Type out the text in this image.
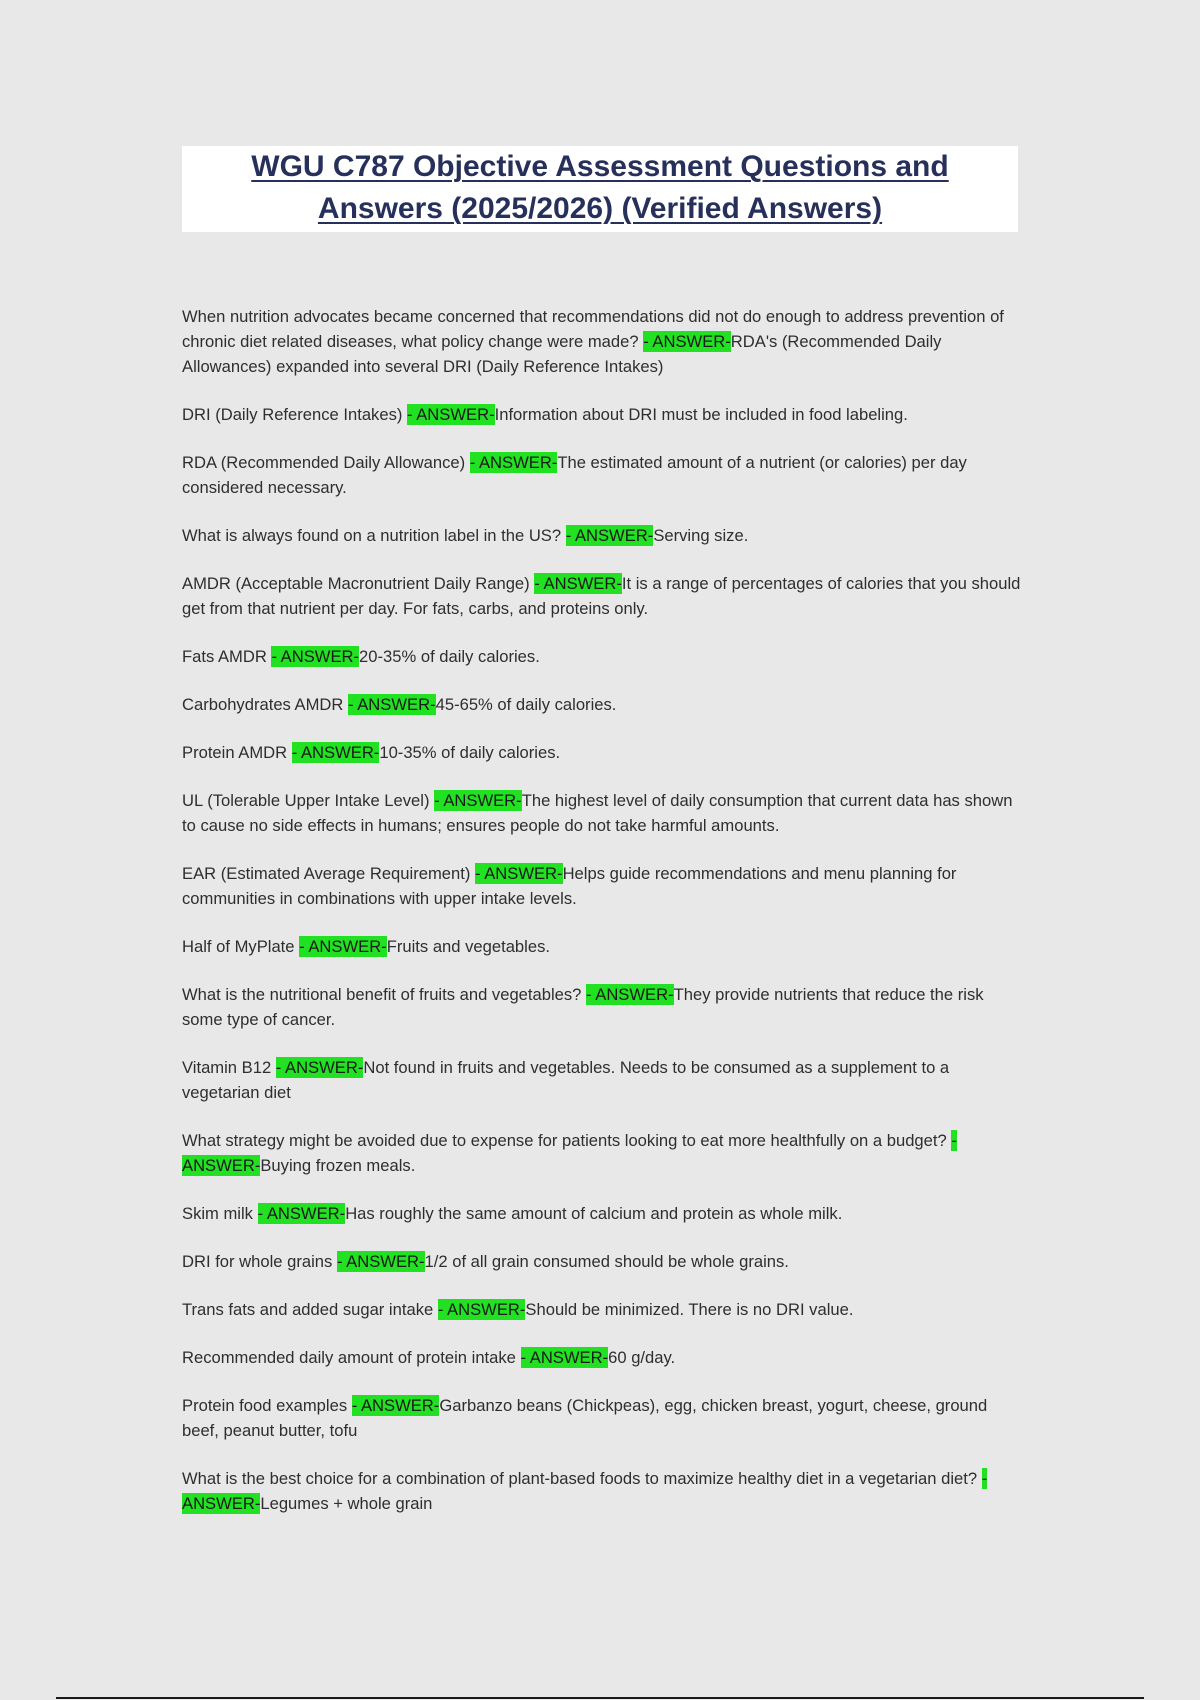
WGU C787 Objective Assessment Questions and
Answers (2025/2026) (Verified Answers)

When nutrition advocates became concerned that recommendations did not do enough to address prevention of chronic diet related diseases, what policy change were made? - ANSWER-RDA's (Recommended Daily Allowances) expanded into several DRI (Daily Reference Intakes)

DRI (Daily Reference Intakes) - ANSWER-Information about DRI must be included in food labeling.

RDA (Recommended Daily Allowance) - ANSWER-The estimated amount of a nutrient (or calories) per day considered necessary.

What is always found on a nutrition label in the US? - ANSWER-Serving size.

AMDR (Acceptable Macronutrient Daily Range) - ANSWER-It is a range of percentages of calories that you should get from that nutrient per day. For fats, carbs, and proteins only.

Fats AMDR - ANSWER-20-35% of daily calories.

Carbohydrates AMDR - ANSWER-45-65% of daily calories.

Protein AMDR - ANSWER-10-35% of daily calories.

UL (Tolerable Upper Intake Level) - ANSWER-The highest level of daily consumption that current data has shown to cause no side effects in humans; ensures people do not take harmful amounts.

EAR (Estimated Average Requirement) - ANSWER-Helps guide recommendations and menu planning for communities in combinations with upper intake levels.

Half of MyPlate - ANSWER-Fruits and vegetables.

What is the nutritional benefit of fruits and vegetables? - ANSWER-They provide nutrients that reduce the risk some type of cancer.

Vitamin B12 - ANSWER-Not found in fruits and vegetables. Needs to be consumed as a supplement to a vegetarian diet

What strategy might be avoided due to expense for patients looking to eat more healthfully on a budget? - ANSWER-Buying frozen meals.

Skim milk - ANSWER-Has roughly the same amount of calcium and protein as whole milk.

DRI for whole grains - ANSWER-1/2 of all grain consumed should be whole grains.

Trans fats and added sugar intake - ANSWER-Should be minimized. There is no DRI value.

Recommended daily amount of protein intake - ANSWER-60 g/day.

Protein food examples - ANSWER-Garbanzo beans (Chickpeas), egg, chicken breast, yogurt, cheese, ground beef, peanut butter, tofu

What is the best choice for a combination of plant-based foods to maximize healthy diet in a vegetarian diet? - ANSWER-Legumes + whole grain
